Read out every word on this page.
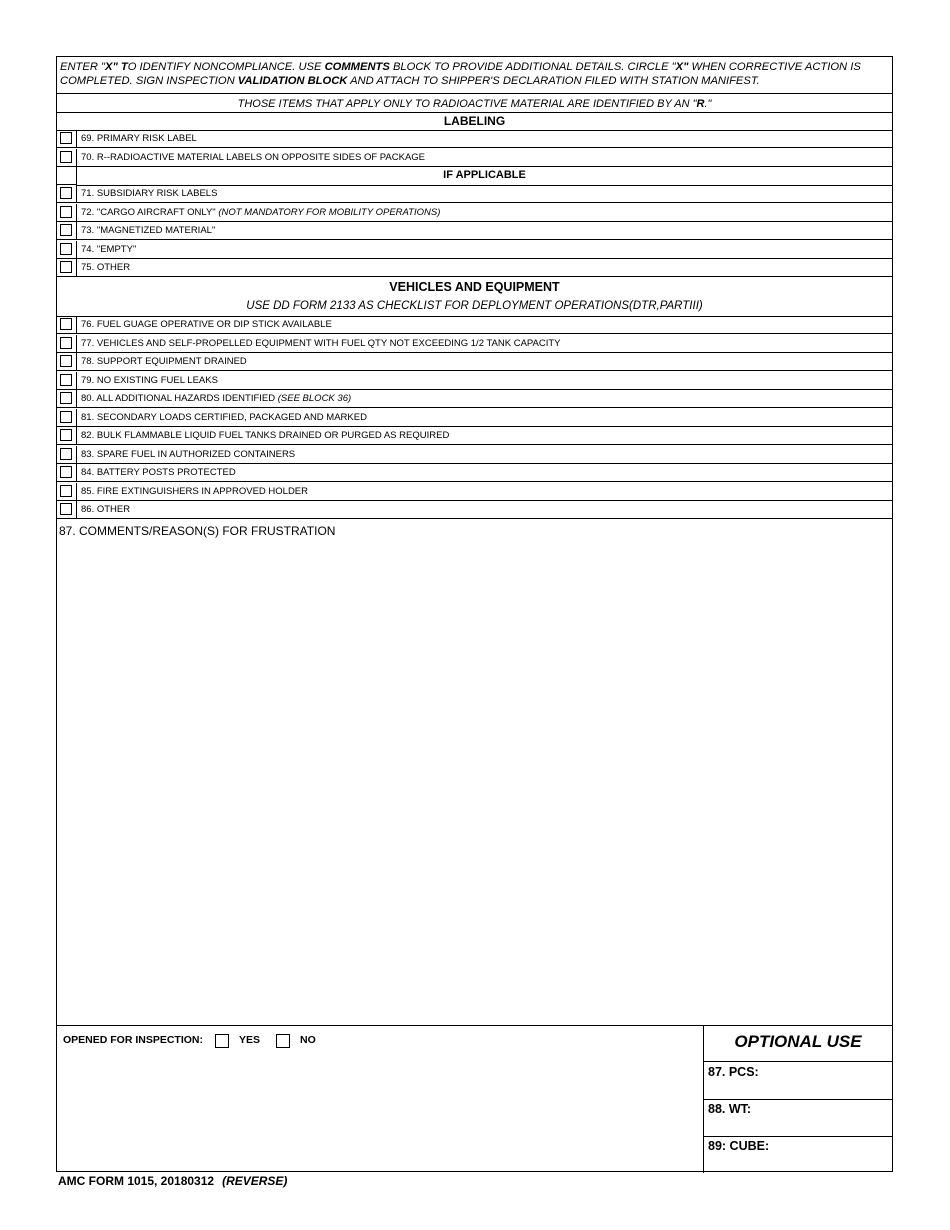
ENTER "X" TO IDENTIFY NONCOMPLIANCE. USE COMMENTS BLOCK TO PROVIDE ADDITIONAL DETAILS. CIRCLE "X" WHEN CORRECTIVE ACTION IS COMPLETED. SIGN INSPECTION VALIDATION BLOCK AND ATTACH TO SHIPPER'S DECLARATION FILED WITH STATION MANIFEST.
THOSE ITEMS THAT APPLY ONLY TO RADIOACTIVE MATERIAL ARE IDENTIFIED BY AN "R."
LABELING
69. PRIMARY RISK LABEL
70. R--RADIOACTIVE MATERIAL LABELS ON OPPOSITE SIDES OF PACKAGE
IF APPLICABLE
71. SUBSIDIARY RISK LABELS
72. "CARGO AIRCRAFT ONLY" (NOT MANDATORY FOR MOBILITY OPERATIONS)
73. "MAGNETIZED MATERIAL"
74. "EMPTY"
75. OTHER
VEHICLES AND EQUIPMENT
USE DD FORM 2133 AS CHECKLIST FOR DEPLOYMENT OPERATIONS(DTR,PARTIII)
76. FUEL GUAGE OPERATIVE OR DIP STICK AVAILABLE
77. VEHICLES AND SELF-PROPELLED EQUIPMENT WITH FUEL QTY NOT EXCEEDING 1/2 TANK CAPACITY
78. SUPPORT EQUIPMENT DRAINED
79. NO EXISTING FUEL LEAKS
80. ALL ADDITIONAL HAZARDS IDENTIFIED (SEE BLOCK 36)
81. SECONDARY LOADS CERTIFIED, PACKAGED AND MARKED
82. BULK FLAMMABLE LIQUID FUEL TANKS DRAINED OR PURGED AS REQUIRED
83. SPARE FUEL IN AUTHORIZED CONTAINERS
84. BATTERY POSTS PROTECTED
85. FIRE EXTINGUISHERS IN APPROVED HOLDER
86. OTHER
87. COMMENTS/REASON(S) FOR FRUSTRATION
OPENED FOR INSPECTION:	YES	NO	OPTIONAL USE
87. PCS:
88. WT:
89: CUBE:
AMC FORM 1015, 20180312 (REVERSE)
